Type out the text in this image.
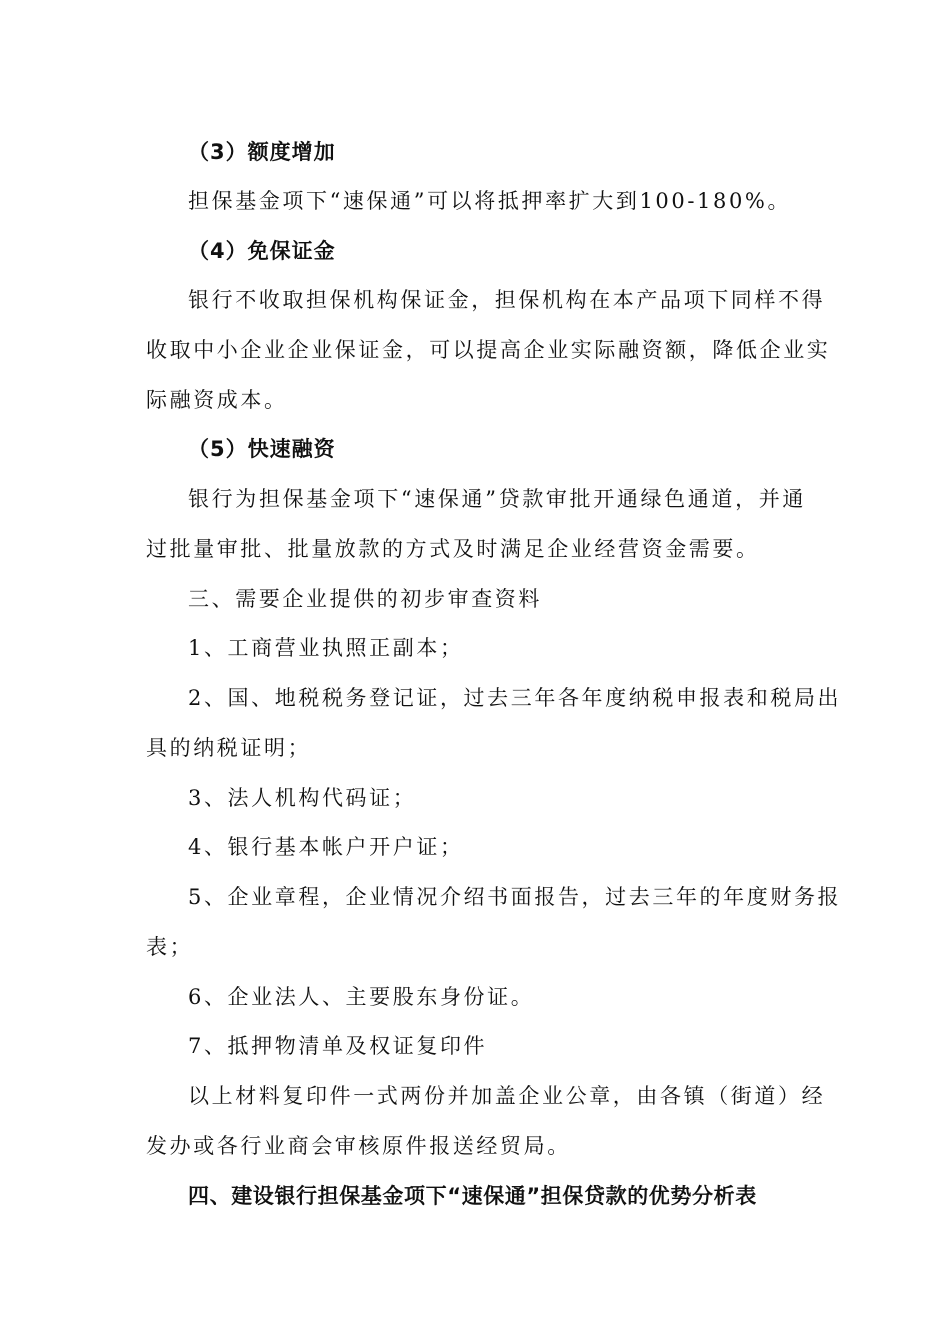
（3）额度增加
担保基金项下“速保通”可以将抵押率扩大到100-180%。
（4）免保证金
银行不收取担保机构保证金，担保机构在本产品项下同样不得
收取中小企业企业保证金，可以提高企业实际融资额，降低企业实
际融资成本。
（5）快速融资
银行为担保基金项下“速保通”贷款审批开通绿色通道，并通
过批量审批、批量放款的方式及时满足企业经营资金需要。
三、需要企业提供的初步审查资料
1、工商营业执照正副本；
2、国、地税税务登记证，过去三年各年度纳税申报表和税局出
具的纳税证明；
3、法人机构代码证；
4、银行基本帐户开户证；
5、企业章程，企业情况介绍书面报告，过去三年的年度财务报
表；
6、企业法人、主要股东身份证。
7、抵押物清单及权证复印件
以上材料复印件一式两份并加盖企业公章，由各镇（街道）经
发办或各行业商会审核原件报送经贸局。
四、建设银行担保基金项下“速保通”担保贷款的优势分析表
